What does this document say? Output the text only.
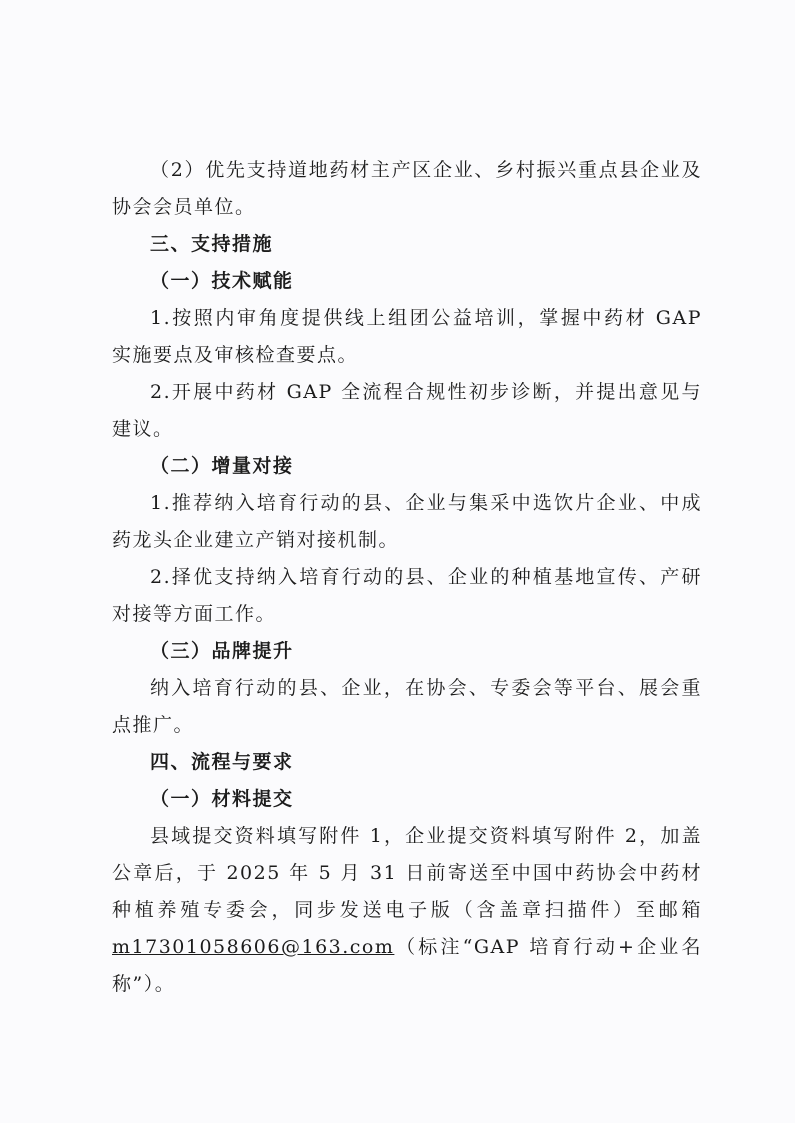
（2）优先支持道地药材主产区企业、乡村振兴重点县企业及协会会员单位。

三、支持措施

（一）技术赋能

1.按照内审角度提供线上组团公益培训，掌握中药材 GAP 实施要点及审核检查要点。

2.开展中药材 GAP 全流程合规性初步诊断，并提出意见与建议。

（二）增量对接

1.推荐纳入培育行动的县、企业与集采中选饮片企业、中成药龙头企业建立产销对接机制。

2.择优支持纳入培育行动的县、企业的种植基地宣传、产研对接等方面工作。

（三）品牌提升

纳入培育行动的县、企业，在协会、专委会等平台、展会重点推广。

四、流程与要求

（一）材料提交

县域提交资料填写附件 1，企业提交资料填写附件 2，加盖公章后，于 2025 年 5 月 31 日前寄送至中国中药协会中药材种植养殖专委会，同步发送电子版（含盖章扫描件）至邮箱m17301058606@163.com（标注“GAP 培育行动+企业名称”）。
